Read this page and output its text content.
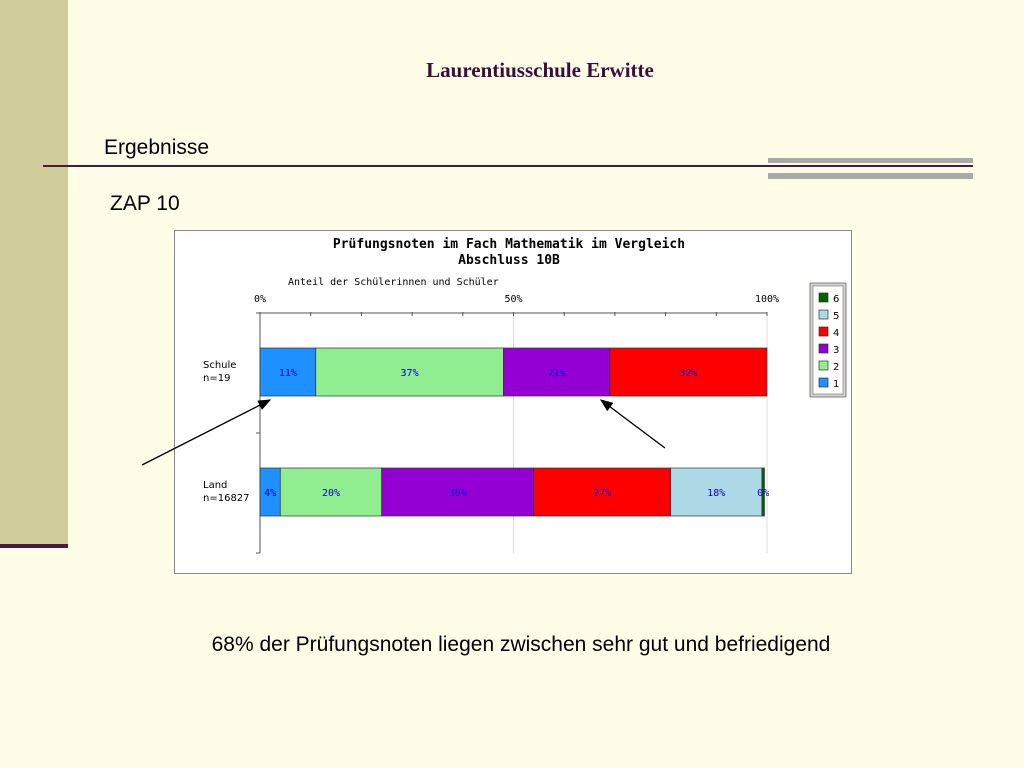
Laurentiusschule Erwitte
Ergebnisse
ZAP 10
Prüfungsnoten im Fach Mathematik im Vergleich
Abschluss 10B
Anteil der Schülerinnen und Schüler
0%	50%	100%
Schule
n=19	11%	37%	21%	32%
Land
n=16827 4%	20%	30%	27%	18%	0%
6
5
4
3
2
1
68% der Prüfungsnoten liegen zwischen sehr gut und befriedigend
